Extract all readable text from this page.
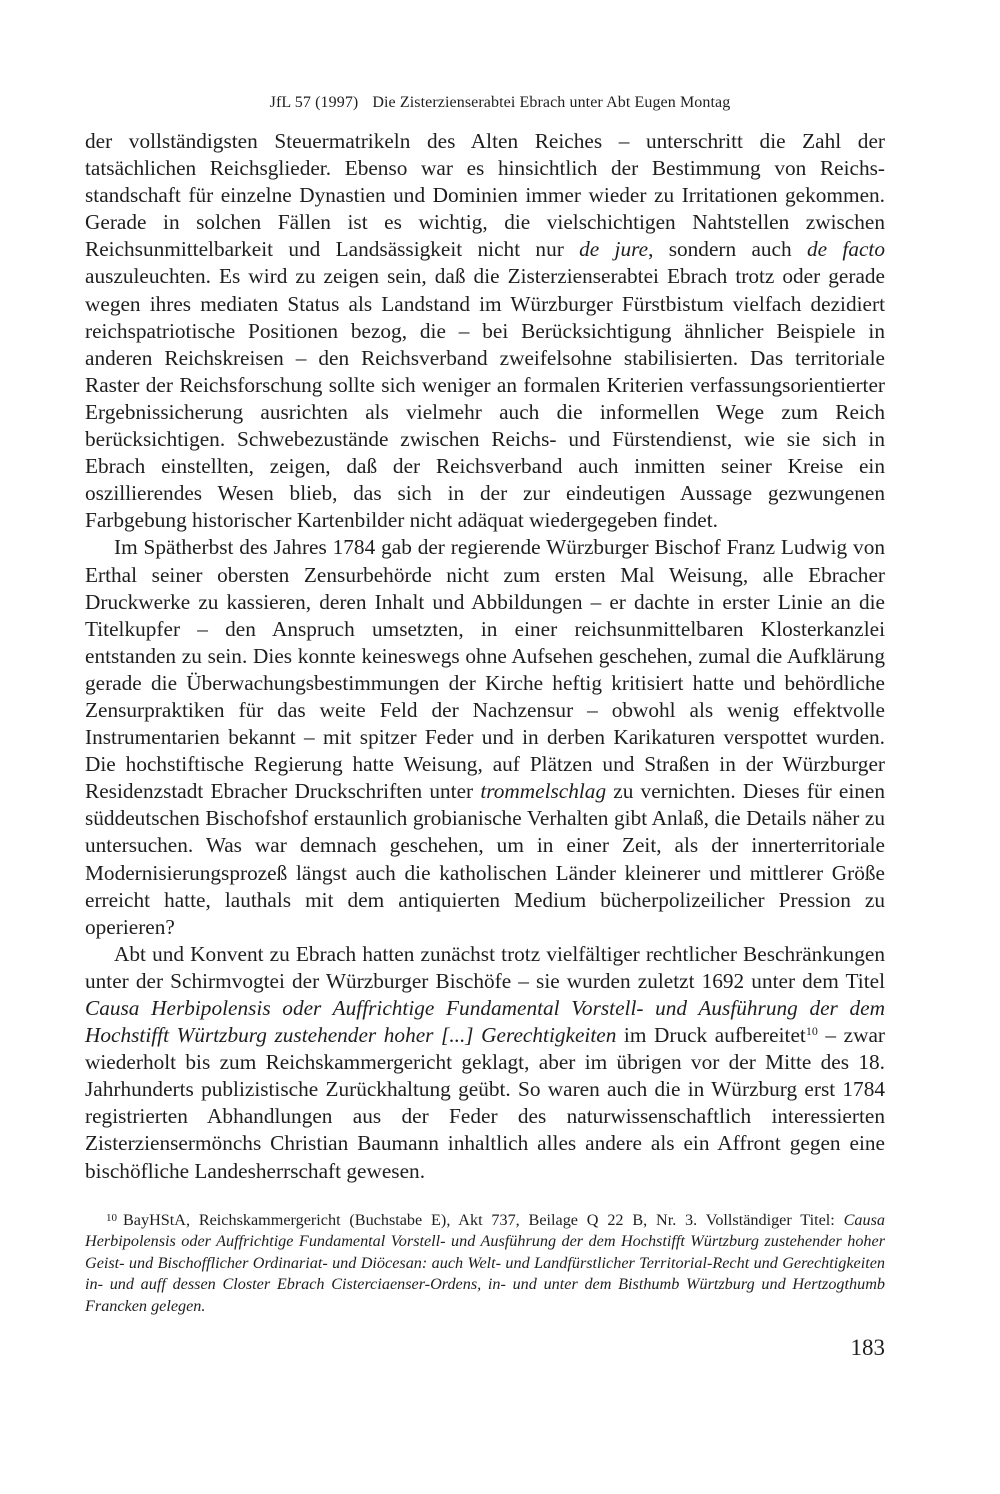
JfL 57 (1997) Die Zisterzienserabtei Ebrach unter Abt Eugen Montag

der vollständigsten Steuermatrikeln des Alten Reiches – unterschritt die Zahl der tatsächlichen Reichsglieder. Ebenso war es hinsichtlich der Bestimmung von Reichsstandschaft für einzelne Dynastien und Dominien immer wieder zu Irritationen gekommen. Gerade in solchen Fällen ist es wichtig, die vielschichtigen Nahtstellen zwischen Reichsunmittelbarkeit und Landsässigkeit nicht nur de jure, sondern auch de facto auszuleuchten. Es wird zu zeigen sein, daß die Zisterzienserabtei Ebrach trotz oder gerade wegen ihres mediaten Status als Landstand im Würzburger Fürstbistum vielfach dezidiert reichspatriotische Positionen bezog, die – bei Berücksichtigung ähnlicher Beispiele in anderen Reichskreisen – den Reichsverband zweifelsohne stabilisierten. Das territoriale Raster der Reichsforschung sollte sich weniger an formalen Kriterien verfassungsorientierter Ergebnissicherung ausrichten als vielmehr auch die informellen Wege zum Reich berücksichtigen. Schwebezustände zwischen Reichs- und Fürstendienst, wie sie sich in Ebrach einstellten, zeigen, daß der Reichsverband auch inmitten seiner Kreise ein oszillierendes Wesen blieb, das sich in der zur eindeutigen Aussage gezwungenen Farbgebung historischer Kartenbilder nicht adäquat wiedergegeben findet.

Im Spätherbst des Jahres 1784 gab der regierende Würzburger Bischof Franz Ludwig von Erthal seiner obersten Zensurbehörde nicht zum ersten Mal Weisung, alle Ebracher Druckwerke zu kassieren, deren Inhalt und Abbildungen – er dachte in erster Linie an die Titelkupfer – den Anspruch umsetzten, in einer reichsunmittelbaren Klosterkanzlei entstanden zu sein. Dies konnte keineswegs ohne Aufsehen geschehen, zumal die Aufklärung gerade die Überwachungsbestimmungen der Kirche heftig kritisiert hatte und behördliche Zensurpraktiken für das weite Feld der Nachzensur – obwohl als wenig effektvolle Instrumentarien bekannt – mit spitzer Feder und in derben Karikaturen verspottet wurden. Die hochstiftische Regierung hatte Weisung, auf Plätzen und Straßen in der Würzburger Residenzstadt Ebracher Druckschriften unter trommelschlag zu vernichten. Dieses für einen süddeutschen Bischofshof erstaunlich grobianische Verhalten gibt Anlaß, die Details näher zu untersuchen. Was war demnach geschehen, um in einer Zeit, als der innerterritoriale Modernisierungsprozeß längst auch die katholischen Länder kleinerer und mittlerer Größe erreicht hatte, lauthals mit dem antiquierten Medium bücherpolizeilicher Pression zu operieren?

Abt und Konvent zu Ebrach hatten zunächst trotz vielfältiger rechtlicher Beschränkungen unter der Schirmvogtei der Würzburger Bischöfe – sie wurden zuletzt 1692 unter dem Titel Causa Herbipolensis oder Auffrichtige Fundamental Vorstell- und Ausführung der dem Hochstifft Würtzburg zustehender hoher [...] Gerechtigkeiten im Druck aufbereitet$^{10}$ – zwar wiederholt bis zum Reichskammergericht geklagt, aber im übrigen vor der Mitte des 18. Jahrhunderts publizistische Zurückhaltung geübt. So waren auch die in Würzburg erst 1784 registrierten Abhandlungen aus der Feder des naturwissenschaftlich interessierten Zisterziensermönchs Christian Baumann inhaltlich alles andere als ein Affront gegen eine bischöfliche Landesherrschaft gewesen.

$^{10}$ BayHStA, Reichskammergericht (Buchstabe E), Akt 737, Beilage Q 22 B, Nr. 3. Vollständiger Titel: Causa Herbipolensis oder Auffrichtige Fundamental Vorstell- und Ausführung der dem Hochstifft Würtzburg zustehender hoher Geist- und Bischofflicher Ordinariat- und Diöcesan: auch Welt- und Landfürstlicher Territorial-Recht und Gerechtigkeiten in- und auff dessen Closter Ebrach Cisterciaenser-Ordens, in- und unter dem Bisthumb Würtzburg und Hertzogthumb Francken gelegen.

183
